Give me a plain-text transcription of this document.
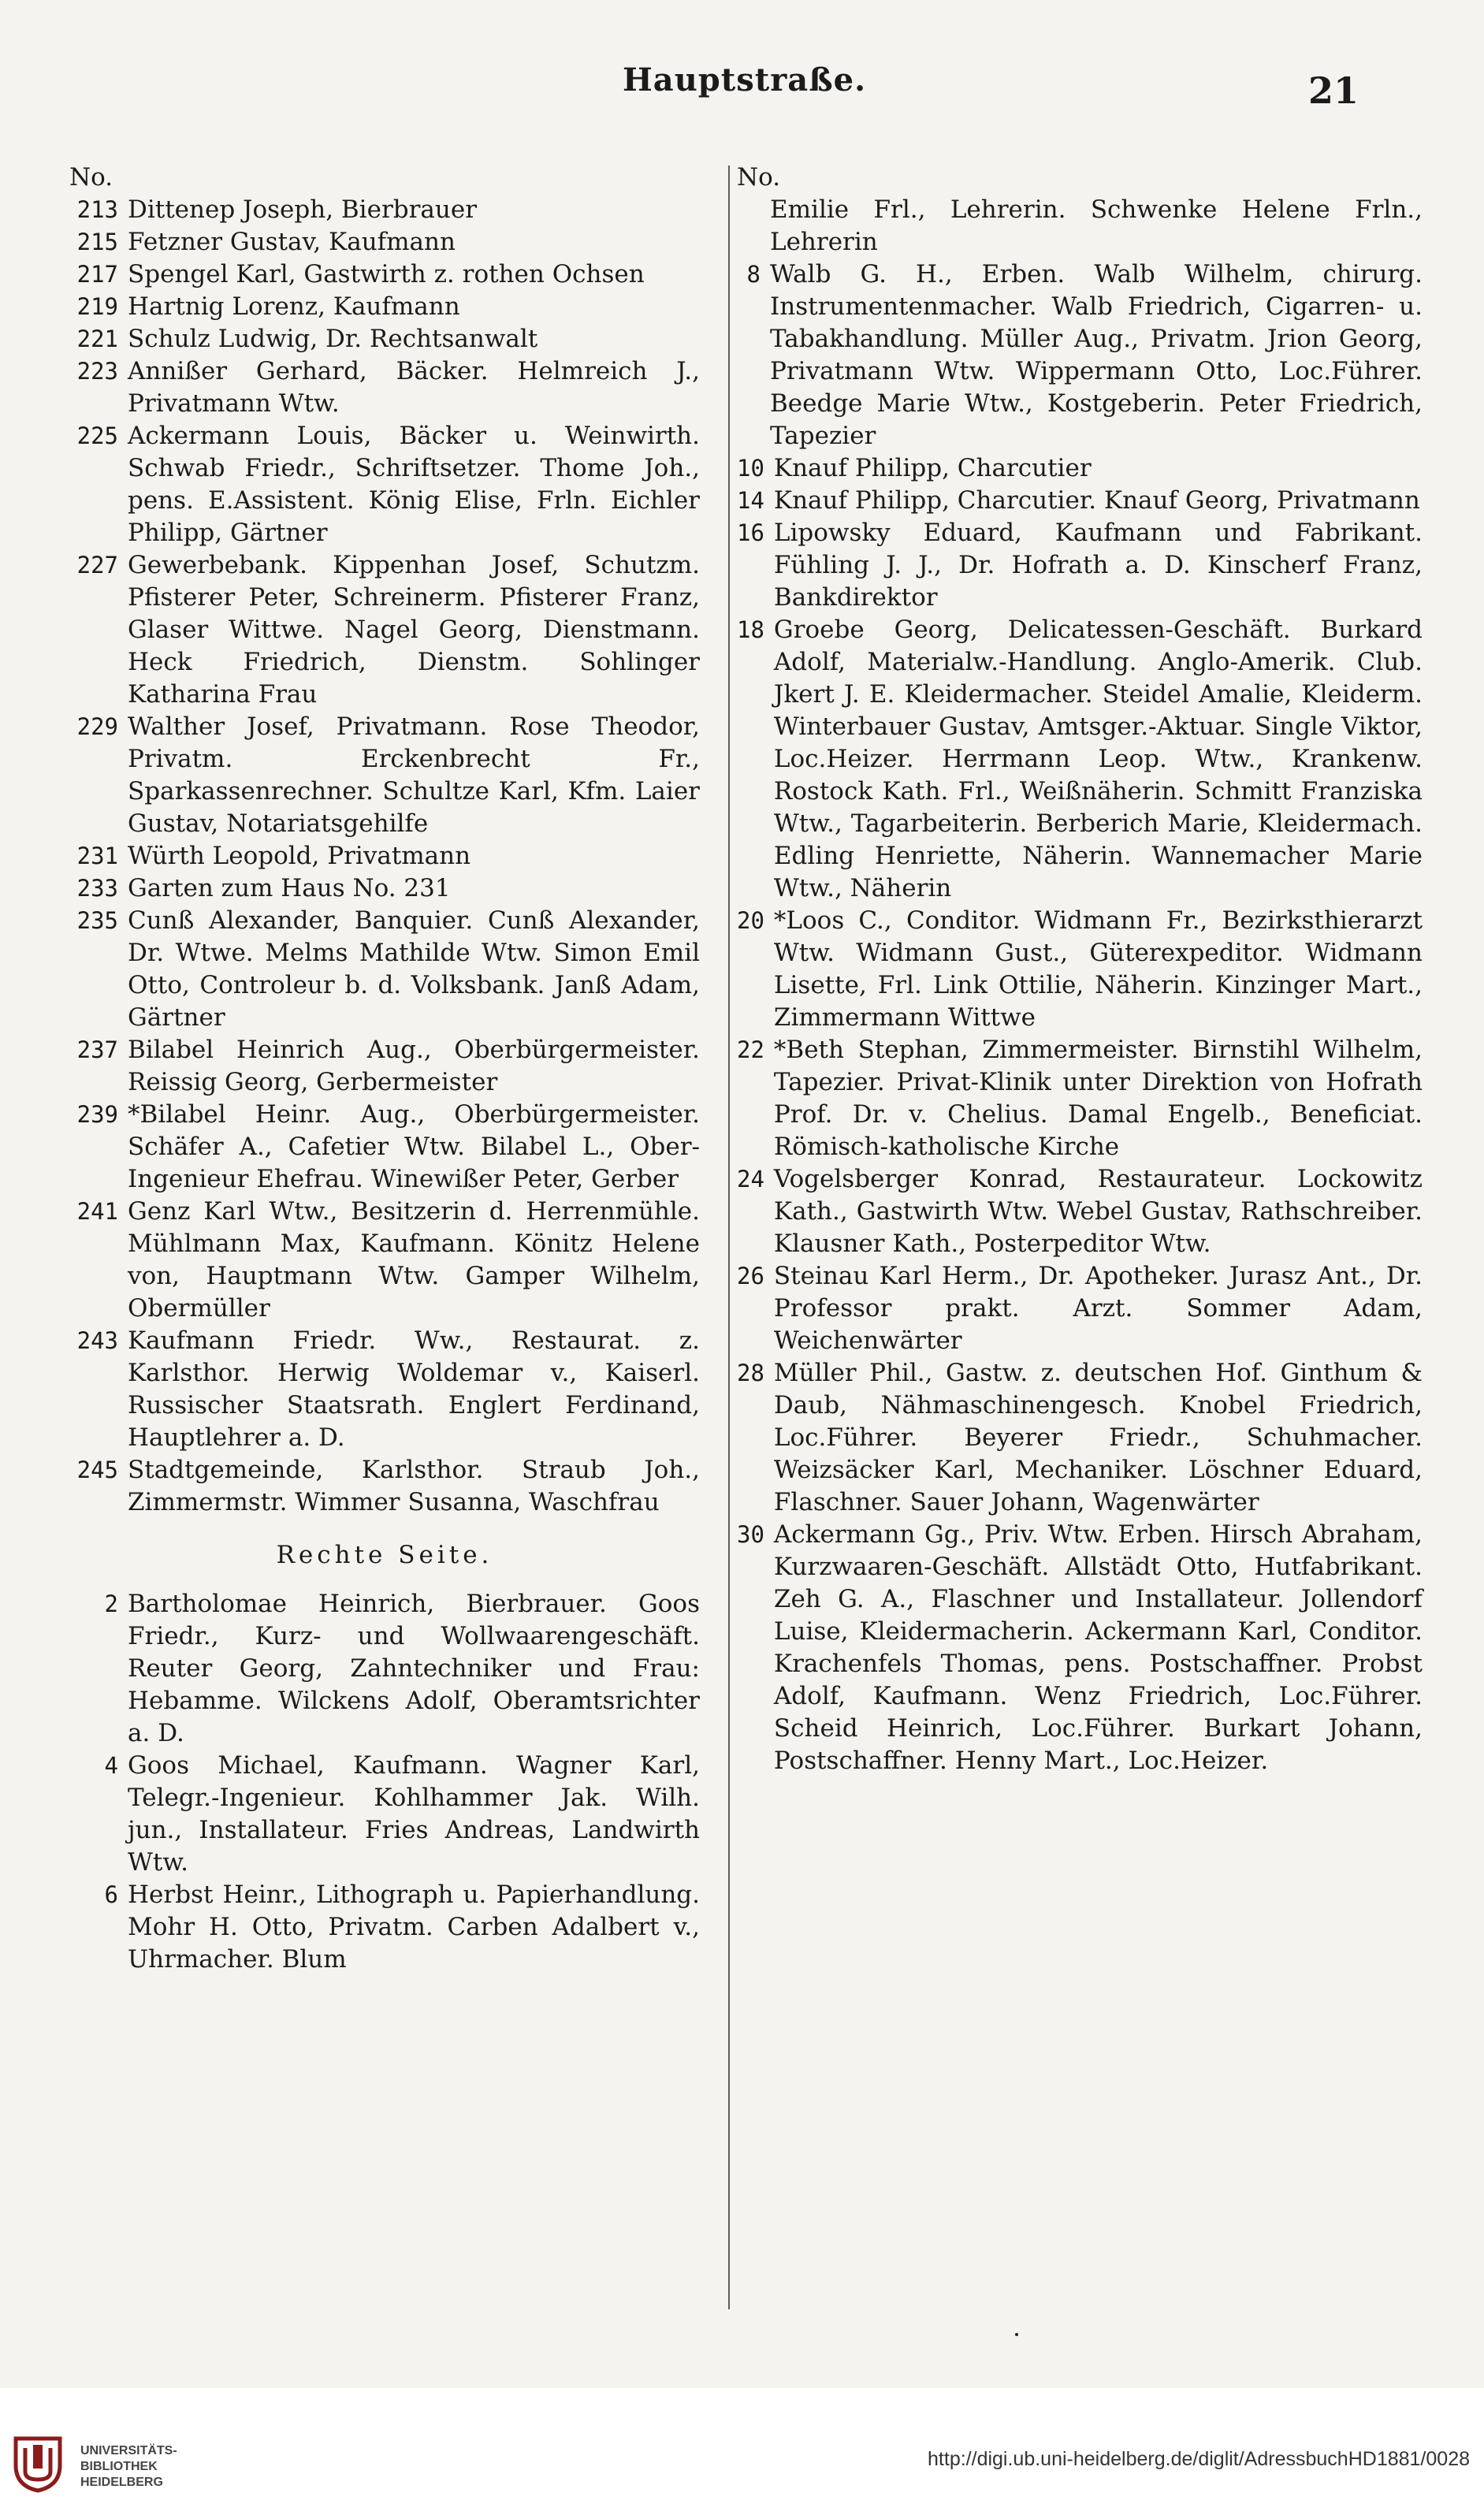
Hauptstraße.	21
No.
213 Dittenep Joseph, Bierbrauer
215 Fetzner Gustav, Kaufmann
217 Spengel Karl, Gastwirth z. rothen Ochsen
219 Hartnig Lorenz, Kaufmann
221 Schulz Ludwig, Dr. Rechtsanwalt
223 Annißer Gerhard, Bäcker. Helmreich J., Privatmann Wtw.
225 Ackermann Louis, Bäcker u. Weinwirth. Schwab Friedr., Schriftsetzer. Thome Joh., pens. E.Assistent. König Elise, Frln. Eichler Philipp, Gärtner
227 Gewerbebank. Kippenhan Josef, Schutzm. Pfisterer Peter, Schreinerm. Pfisterer Franz, Glaser Wittwe. Nagel Georg, Dienstmann. Heck Friedrich, Dienstm. Sohlinger Katharina Frau
229 Walther Josef, Privatmann. Rose Theodor, Privatm. Erckenbrecht Fr., Sparkassenrechner. Schultze Karl, Kfm. Laier Gustav, Notariatsgehilfe
231 Würth Leopold, Privatmann
233 Garten zum Haus No. 231
235 Cunß Alexander, Banquier. Cunß Alexander, Dr. Wtwe. Melms Mathilde Wtw. Simon Emil Otto, Controleur b. d. Volksbank. Janß Adam, Gärtner
237 Bilabel Heinrich Aug., Oberbürgermeister. Reissig Georg, Gerbermeister
239 *Bilabel Heinr. Aug., Oberbürgermeister. Schäfer A., Cafetier Wtw. Bilabel L., Ober-Ingenieur Ehefrau. Winewißer Peter, Gerber
241 Genz Karl Wtw., Besitzerin d. Herrenmühle. Mühlmann Max, Kaufmann. Könitz Helene von, Hauptmann Wtw. Gamper Wilhelm, Obermüller
243 Kaufmann Friedr. Ww., Restaurat. z. Karlsthor. Herwig Woldemar v., Kaiserl. Russischer Staatsrath. Englert Ferdinand, Hauptlehrer a. D.
245 Stadtgemeinde, Karlsthor. Straub Joh., Zimmermstr. Wimmer Susanna, Waschfrau
Rechte Seite.
2 Bartholomae Heinrich, Bierbrauer. Goos Friedr., Kurz- und Wollwaarengeschäft. Reuter Georg, Zahntechniker und Frau: Hebamme. Wilckens Adolf, Oberamtsrichter a. D.
4 Goos Michael, Kaufmann. Wagner Karl, Telegr.-Ingenieur. Kohlhammer Jak. Wilh. jun., Installateur. Fries Andreas, Landwirth Wtw.
6 Herbst Heinr., Lithograph u. Papierhandlung. Mohr H. Otto, Privatm. Carben Adalbert v., Uhrmacher. Blum
No.
Emilie Frl., Lehrerin. Schwenke Helene Frln., Lehrerin
8 Walb G. H., Erben. Walb Wilhelm, chirurg. Instrumentenmacher. Walb Friedrich, Cigarren- u. Tabakhandlung. Müller Aug., Privatm. Jrion Georg, Privatmann Wtw. Wippermann Otto, Loc.Führer. Beedge Marie Wtw., Kostgeberin. Peter Friedrich, Tapezier
10 Knauf Philipp, Charcutier
14 Knauf Philipp, Charcutier. Knauf Georg, Privatmann
16 Lipowsky Eduard, Kaufmann und Fabrikant. Fühling J. J., Dr. Hofrath a. D. Kinscherf Franz, Bankdirektor
18 Groebe Georg, Delicatessen-Geschäft. Burkard Adolf, Materialw.-Handlung. Anglo-Amerik. Club. Jkert J. E. Kleidermacher. Steidel Amalie, Kleiderm. Winterbauer Gustav, Amtsger.-Aktuar. Single Viktor, Loc.Heizer. Herrmann Leop. Wtw., Krankenw. Rostock Kath. Frl., Weißnäherin. Schmitt Franziska Wtw., Tagarbeiterin. Berberich Marie, Kleidermach. Edling Henriette, Näherin. Wannemacher Marie Wtw., Näherin
20 *Loos C., Conditor. Widmann Fr., Bezirksthierarzt Wtw. Widmann Gust., Güterexpeditor. Widmann Lisette, Frl. Link Ottilie, Näherin. Kinzinger Mart., Zimmermann Wittwe
22 *Beth Stephan, Zimmermeister. Birnstihl Wilhelm, Tapezier. Privat-Klinik unter Direktion von Hofrath Prof. Dr. v. Chelius. Damal Engelb., Beneficiat. Römisch-katholische Kirche
24 Vogelsberger Konrad, Restaurateur. Lockowitz Kath., Gastwirth Wtw. Webel Gustav, Rathschreiber. Klausner Kath., Posterpeditor Wtw.
26 Steinau Karl Herm., Dr. Apotheker. Jurasz Ant., Dr. Professor prakt. Arzt. Sommer Adam, Weichenwärter
28 Müller Phil., Gastw. z. deutschen Hof. Ginthum & Daub, Nähmaschinengesch. Knobel Friedrich, Loc.Führer. Beyerer Friedr., Schuhmacher. Weizsäcker Karl, Mechaniker. Löschner Eduard, Flaschner. Sauer Johann, Wagenwärter
30 Ackermann Gg., Priv. Wtw. Erben. Hirsch Abraham, Kurzwaaren-Geschäft. Allstädt Otto, Hutfabrikant. Zeh G. A., Flaschner und Installateur. Jollendorf Luise, Kleidermacherin. Ackermann Karl, Conditor. Krachenfels Thomas, pens. Postschaffner. Probst Adolf, Kaufmann. Wenz Friedrich, Loc.Führer. Scheid Heinrich, Loc.Führer. Burkart Johann, Postschaffner. Henny Mart., Loc.Heizer.
UNIVERSITÄTS-
BIBLIOTHEK
HEIDELBERG
http://digi.ub.uni-heidelberg.de/diglit/AdressbuchHD1881/0028
